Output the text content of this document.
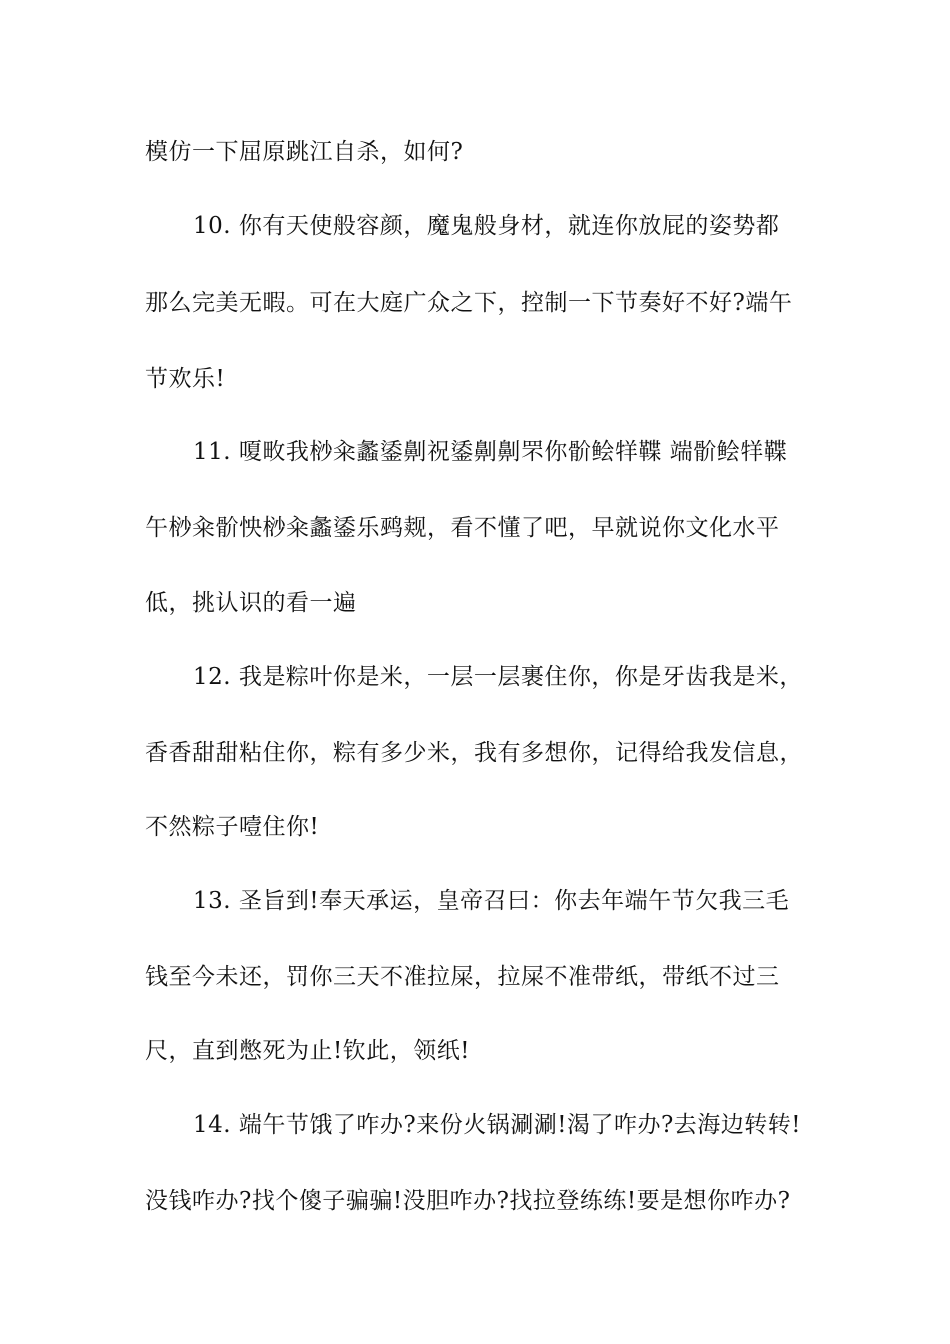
模仿一下屈原跳江自杀，如何?
10. 你有天使般容颜，魔鬼般身材，就连你放屁的姿势都
那么完美无暇。可在大庭广众之下，控制一下节奏好不好?端午
节欢乐!
11. 嗄畋我桫籴蠡鋈劓祝鋈劓劓罘你骱鲙䍧鞢 端骱鲙䍧鞢
午桫籴骱怏桫籴蠡鋈乐鹀觌，看不懂了吧，早就说你文化水平
低，挑认识的看一遍
12. 我是粽叶你是米，一层一层裹住你，你是牙齿我是米，
香香甜甜粘住你，粽有多少米，我有多想你，记得给我发信息，
不然粽子噎住你!
13. 圣旨到!奉天承运，皇帝召曰：你去年端午节欠我三毛
钱至今未还，罚你三天不准拉屎，拉屎不准带纸，带纸不过三
尺，直到憋死为止!钦此，领纸!
14. 端午节饿了咋办?来份火锅涮涮!渴了咋办?去海边转转!
没钱咋办?找个傻子骗骗!没胆咋办?找拉登练练!要是想你咋办?
